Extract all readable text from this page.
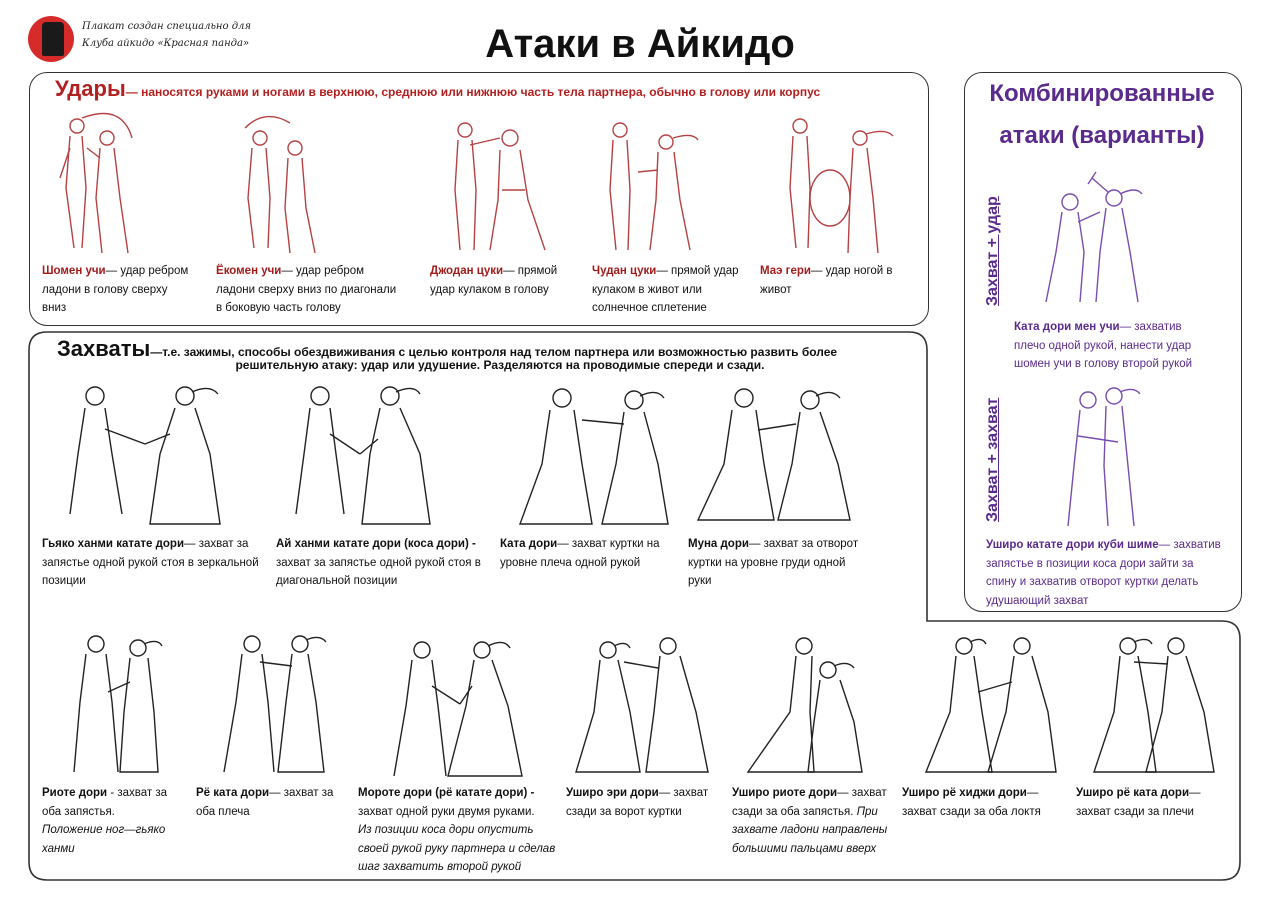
Плакат создан специально для
Клуба айкидо «Красная панда»	Атаки в Айкидо
Удары— наносятся руками и ногами в верхнюю, среднюю или нижнюю часть тела партнера, обычно в голову или корпус
Шомен учи— удар ребром
ладони в голову сверху
вниз
Ёкомен учи— удар ребром
ладони сверху вниз по диагонали
в боковую часть голову
Джодан цуки— прямой
удар кулаком в голову
Чудан цуки— прямой удар
кулаком в живот или
солнечное сплетение
Маэ гери— удар ногой в
живот
Захваты—т.е. зажимы, способы обездвиживания с целью контроля над телом партнера или возможностью развить более
решительную атаку: удар или удушение. Разделяются на проводимые спереди и сзади.
Гьяко ханми катате дори— захват за
запястье одной рукой стоя в зеркальной
позиции
Ай ханми катате дори (коса дори) -
захват за запястье одной рукой стоя в
диагональной позиции
Ката дори— захват куртки на
уровне плеча одной рукой
Муна дори— захват за отворот
куртки на уровне груди одной
руки
Риоте дори - захват за
оба запястья.
Положение ног—гьяко
ханми
Рё ката дори— захват за
оба плеча
Мороте дори (рё катате дори) -
захват одной руки двумя руками.
Из позиции коса дори опустить
своей рукой руку партнера и сделав
шаг захватить второй рукой
Уширо эри дори— захват
сзади за ворот куртки
Уширо риоте дори— захват
сзади за оба запястья. При
захвате ладони направлены
большими пальцами вверх
Уширо рё хиджи дори—
захват сзади за оба локтя
Уширо рё ката дори—
захват сзади за плечи
Комбинированные
атаки (варианты)
Захват + удар
Ката дори мен учи— захватив
плечо одной рукой, нанести удар
шомен учи в голову второй рукой
Захват + захват
Уширо катате дори куби шиме— захватив
запястье в позиции коса дори зайти за
спину и захватив отворот куртки делать
удушающий захват
